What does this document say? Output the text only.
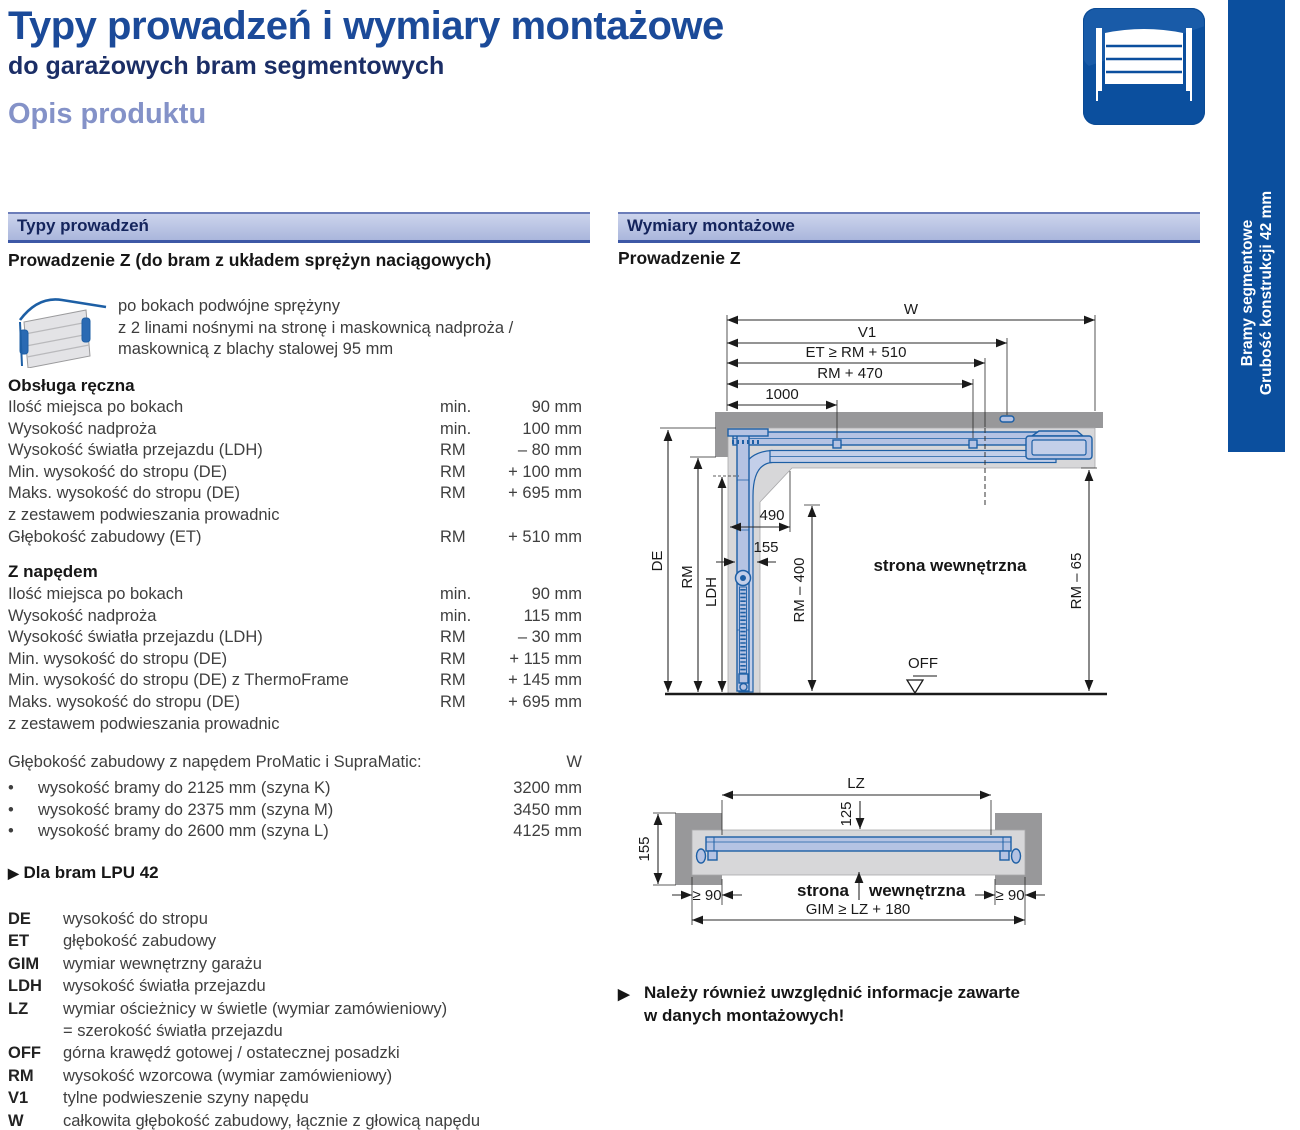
Typy prowadzeń i wymiary montażowe
do garażowych bram segmentowych
Opis produktu
Bramy segmentowe Grubość konstrukcji 42 mm
Typy prowadzeń
Prowadzenie Z (do bram z układem sprężyn naciągowych)
po bokach podwójne sprężyny
z 2 linami nośnymi na stronę i maskownicą nadproża /
maskownicą z blachy stalowej 95 mm
Obsługa ręczna
Ilość miejsca po bokach	min.	90 mm
Wysokość nadproża	min.	100 mm
Wysokość światła przejazdu (LDH)	RM	– 80 mm
Min. wysokość do stropu (DE)	RM	+ 100 mm
Maks. wysokość do stropu (DE)	RM	+ 695 mm
z zestawem podwieszania prowadnic
Głębokość zabudowy (ET)	RM	+ 510 mm
Z napędem
Ilość miejsca po bokach	min.	90 mm
Wysokość nadproża	min.	115 mm
Wysokość światła przejazdu (LDH)	RM	– 30 mm
Min. wysokość do stropu (DE)	RM	+ 115 mm
Min. wysokość do stropu (DE) z ThermoFrame	RM	+ 145 mm
Maks. wysokość do stropu (DE)	RM	+ 695 mm
z zestawem podwieszania prowadnic
Głębokość zabudowy z napędem ProMatic i SupraMatic:	W
•	wysokość bramy do 2125 mm (szyna K)	3200 mm
•	wysokość bramy do 2375 mm (szyna M)	3450 mm
•	wysokość bramy do 2600 mm (szyna L)	4125 mm
▶ Dla bram LPU 42
DE	wysokość do stropu
ET	głębokość zabudowy
GIM	wymiar wewnętrzny garażu
LDH	wysokość światła przejazdu
LZ	wymiar ościeżnicy w świetle (wymiar zamówieniowy)
= szerokość światła przejazdu
OFF	górna krawędź gotowej / ostatecznej posadzki
RM	wysokość wzorcowa (wymiar zamówieniowy)
V1	tylne podwieszenie szyny napędu
W	całkowita głębokość zabudowy, łącznie z głowicą napędu
Wymiary montażowe
Prowadzenie Z
W
V1
ET ≥ RM + 510
RM + 470
1000
490
155
DE
RM LDH	RM – 400	RM – 65
strona wewnętrzna
OFF
LZ
125
155
≥ 90	≥ 90
GIM ≥ LZ + 180
strona wewnętrzna
▶ Należy również uwzględnić informacje zawarte
w danych montażowych!
